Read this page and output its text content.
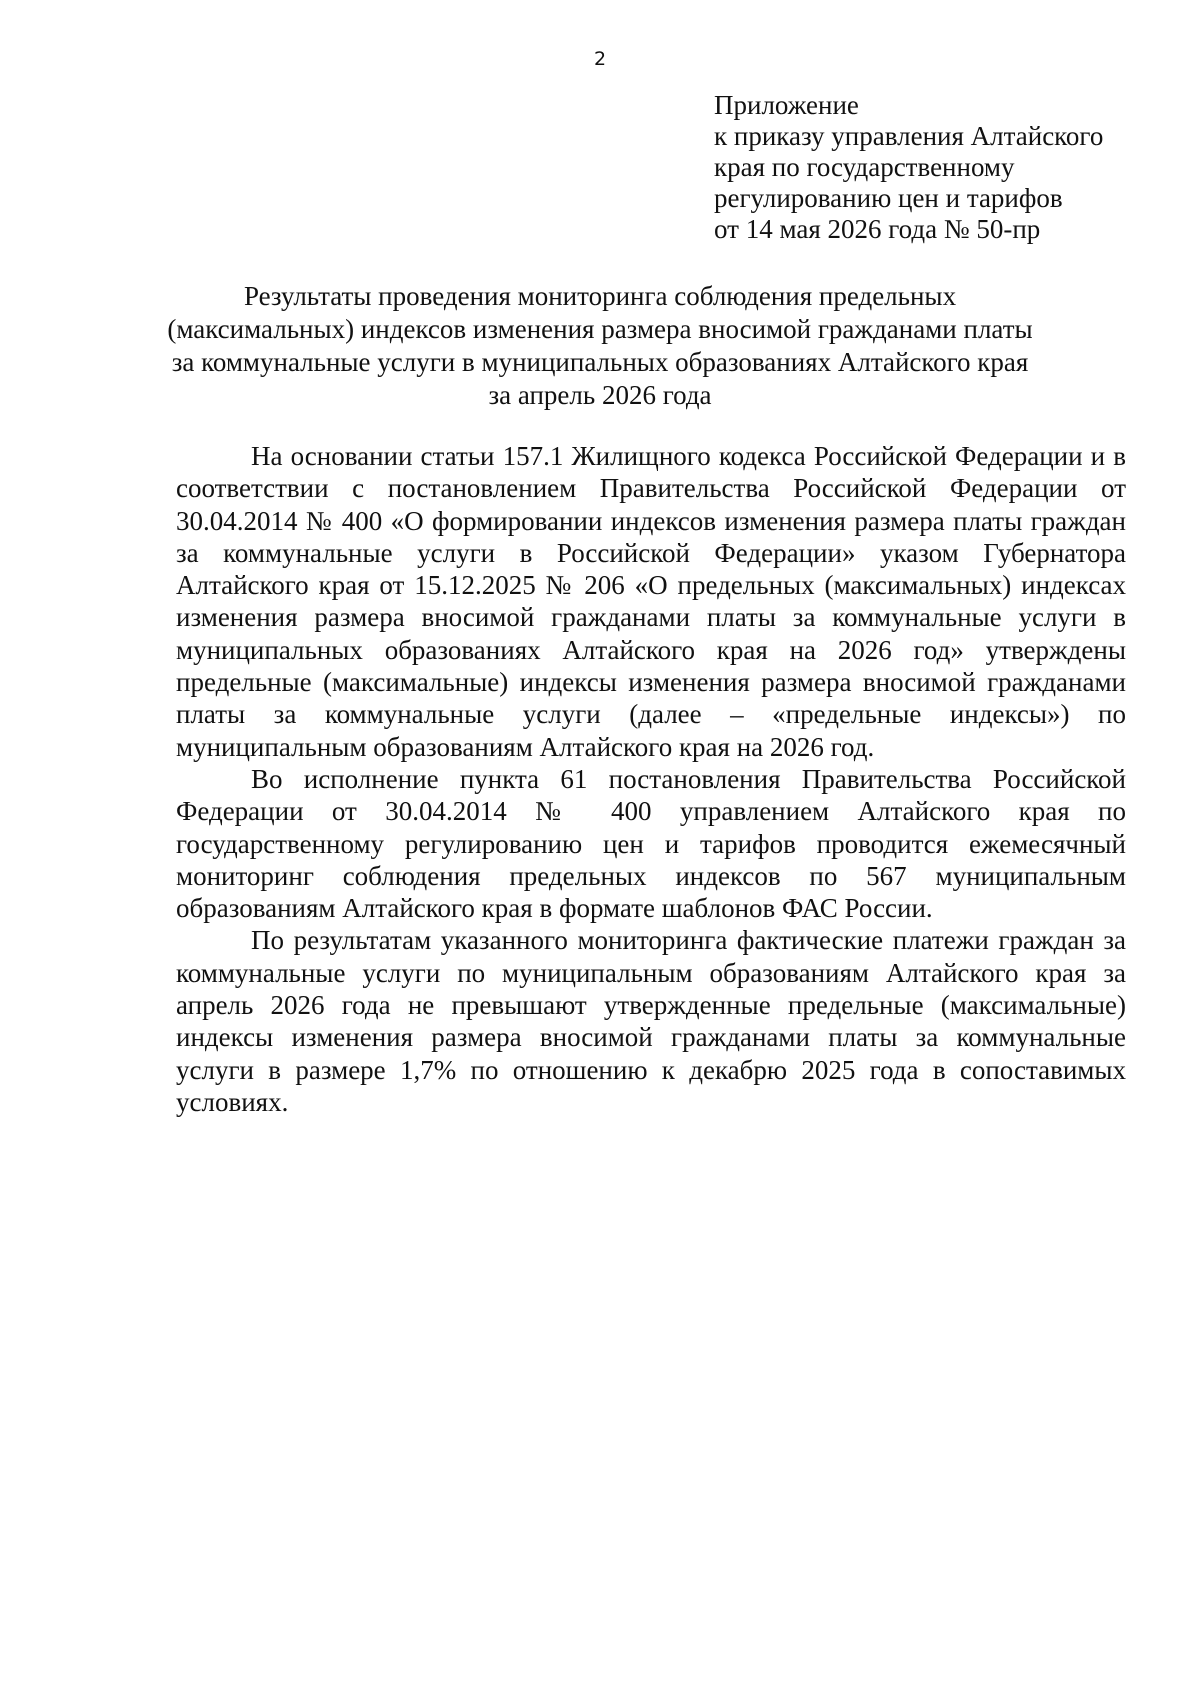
2
Приложение
к приказу управления Алтайского
края по государственному
регулированию цен и тарифов
от 14 мая 2026 года № 50-пр
Результаты проведения мониторинга соблюдения предельных
(максимальных) индексов изменения размера вносимой гражданами платы
за коммунальные услуги в муниципальных образованиях Алтайского края
за апрель 2026 года

На основании статьи 157.1 Жилищного кодекса Российской Федерации и в соответствии с постановлением Правительства Российской Федерации от 30.04.2014 № 400 «О формировании индексов изменения размера платы граждан за коммунальные услуги в Российской Федерации» указом Губернатора Алтайского края от 15.12.2025 № 206 «О предельных (максимальных) индексах изменения размера вносимой гражданами платы за коммунальные услуги в муниципальных образованиях Алтайского края на 2026 год» утверждены предельные (максимальные) индексы изменения размера вносимой гражданами платы за коммунальные услуги (далее – «предельные индексы») по муниципальным образованиям Алтайского края на 2026 год.

Во исполнение пункта 61 постановления Правительства Российской Федерации от 30.04.2014 № 400 управлением Алтайского края по государственному регулированию цен и тарифов проводится ежемесячный мониторинг соблюдения предельных индексов по 567 муниципальным образованиям Алтайского края в формате шаблонов ФАС России.

По результатам указанного мониторинга фактические платежи граждан за коммунальные услуги по муниципальным образованиям Алтайского края за апрель 2026 года не превышают утвержденные предельные (максимальные) индексы изменения размера вносимой гражданами платы за коммунальные услуги в размере 1,7% по отношению к декабрю 2025 года в сопоставимых условиях.
